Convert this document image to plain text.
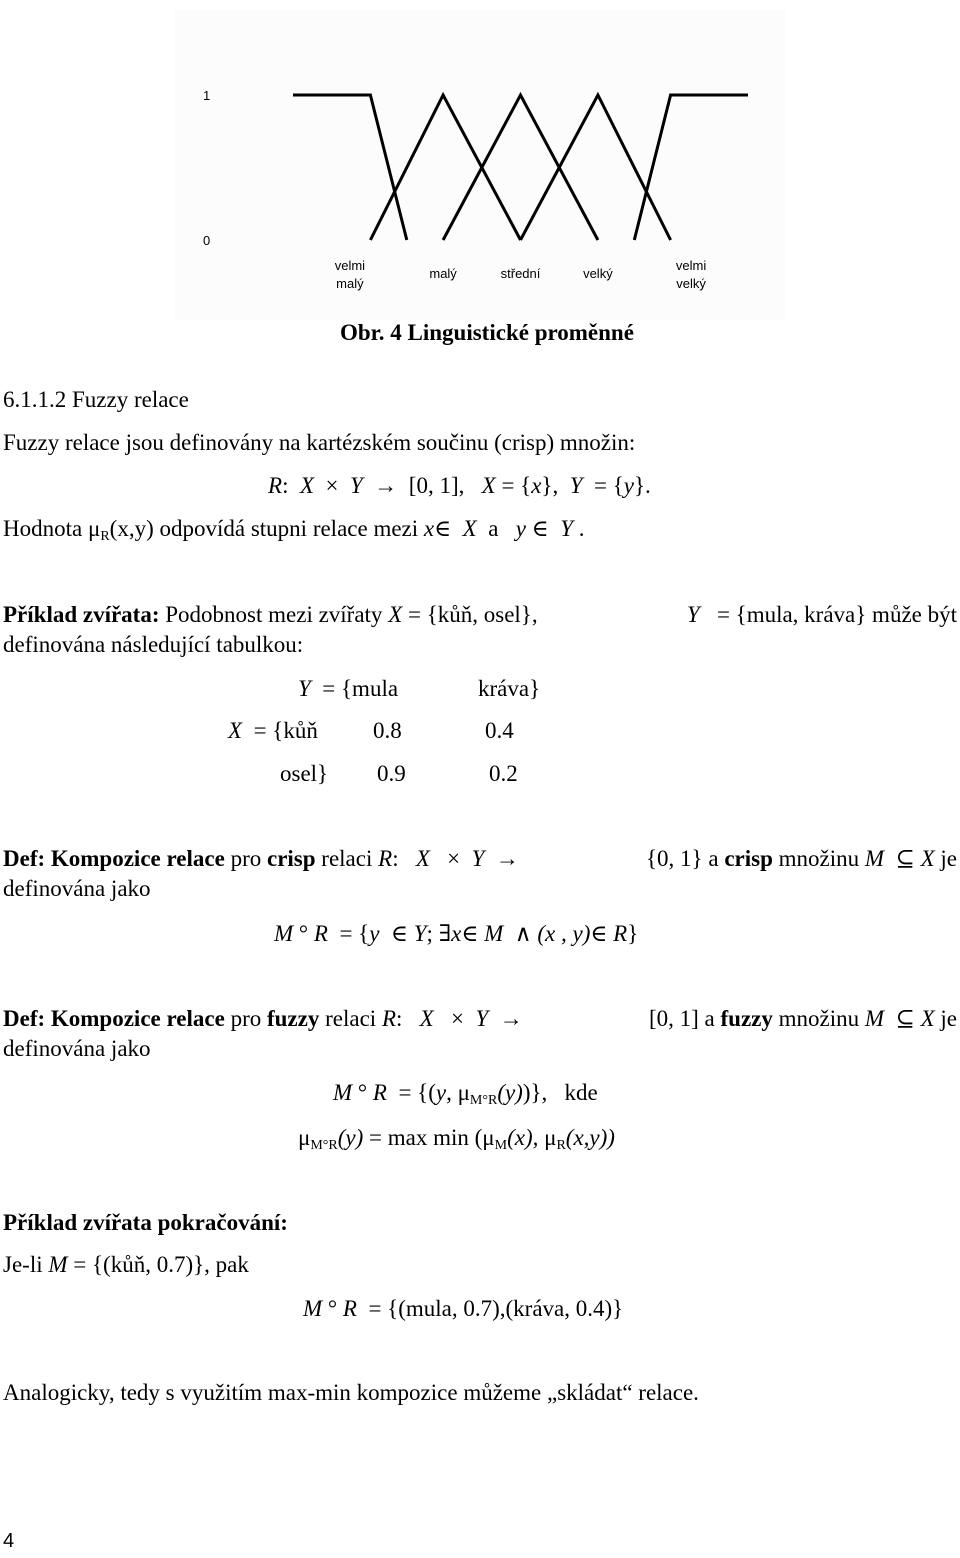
1
0
velmi malý
malý	střední	velký
velmi velký
Obr. 4 Linguistické proměnné
6.1.1.2 Fuzzy relace
Fuzzy relace jsou definovány na kartézském součinu (crisp) množin:
R: X × Y → [0, 1], X = {x}, Y  = {y}.
Hodnota $\mu_R(x,y)$ odpovídá stupni relace mezi x∈ X a y ∈ Y .
Příklad zvířata: Podobnost mezi zvířaty X = {kůň, osel},	Y   = {mula, kráva} může být
definována následující tabulkou:
Y  = {mula	kráva}
X  = {kůň 0.8	0.4
osel} 0.9	0.2
Def: Kompozice relace pro crisp relaci R: X × Y →	{0, 1} a crisp množinu M ⊆ X je
definována jako
M ° R  = {y ∈ Y; ∃x∈ M ∧ (x , y)∈ R}
Def: Kompozice relace pro fuzzy relaci R: X × Y →	[0, 1] a fuzzy množinu M ⊆ X je
definována jako
M ° R  = {(y, $\mu_{M^\circ R}(y)$)}, kde
$\mu_{M^\circ R}(y) = \max \min (\mu_M(x)$, $\mu_R(x,y)$)
Příklad zvířata pokračování:
Je-li M = {(kůň, 0.7)}, pak
M ° R  = {(mula, 0.7),(kráva, 0.4)}
Analogicky, tedy s využitím max-min kompozice můžeme „skládat“ relace.
4
